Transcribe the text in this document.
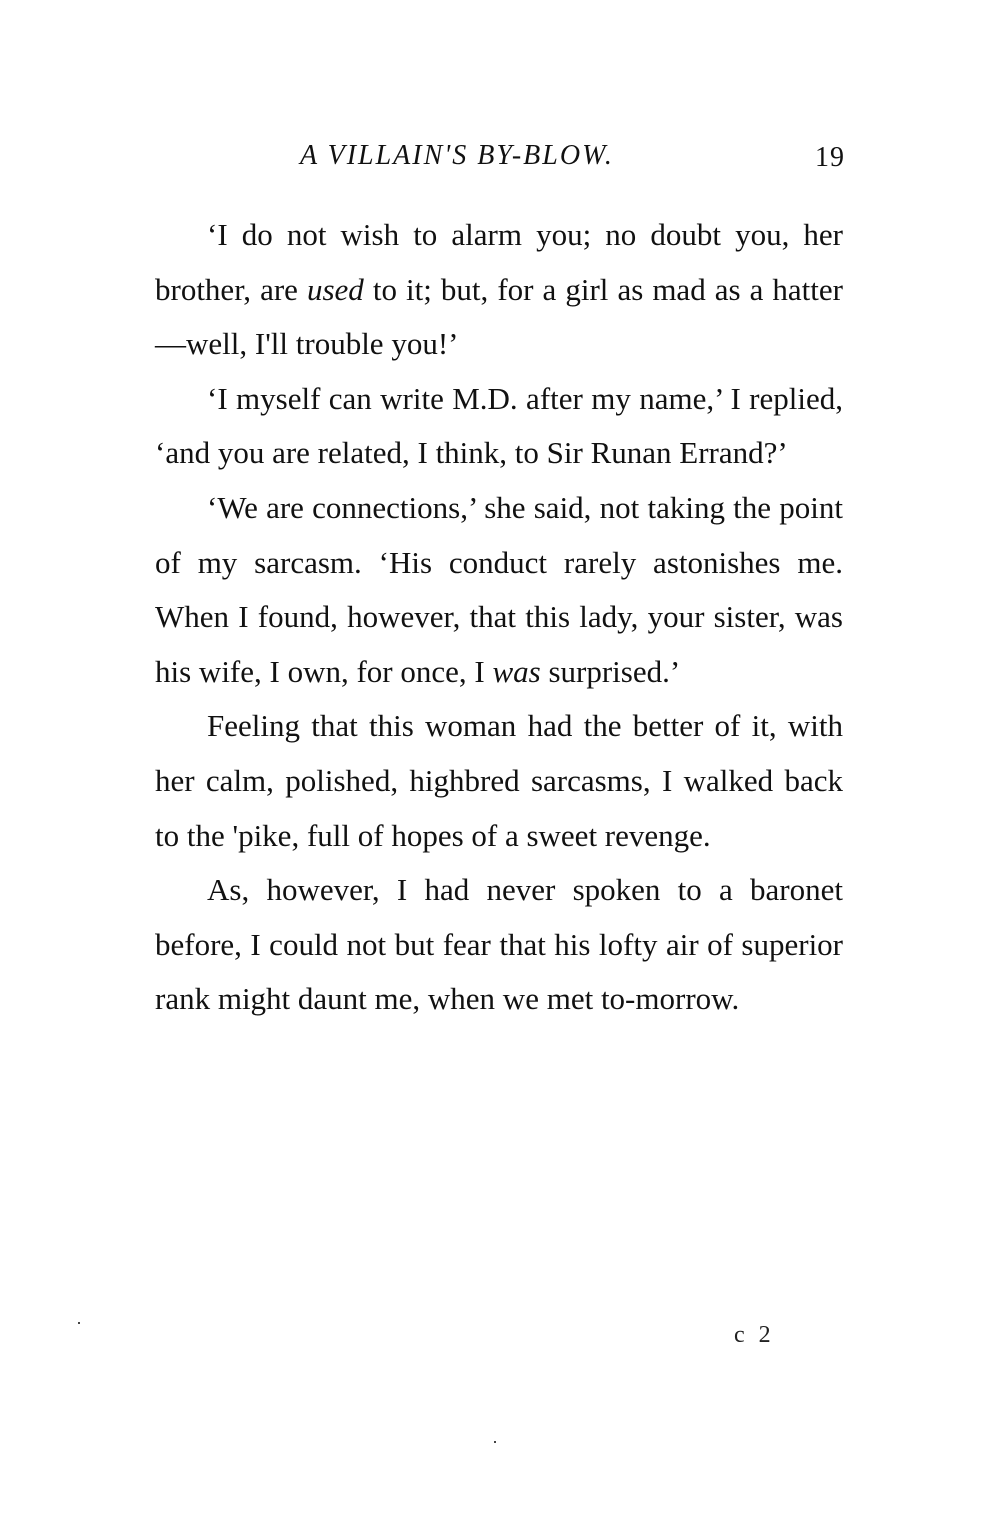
A VILLAIN'S BY-BLOW.	19

‘I do not wish to alarm you; no doubt you, her brother, are used to it; but, for a girl as mad as a hatter—well, I'll trouble you!’

‘I myself can write M.D. after my name,’ I replied, ‘and you are related, I think, to Sir Runan Errand?’

‘We are connections,’ she said, not taking the point of my sarcasm. ‘His conduct rarely astonishes me. When I found, however, that this lady, your sister, was his wife, I own, for once, I was surprised.’

Feeling that this woman had the better of it, with her calm, polished, highbred sarcasms, I walked back to the 'pike, full of hopes of a sweet revenge.

As, however, I had never spoken to a baronet before, I could not but fear that his lofty air of superior rank might daunt me, when we met to-morrow.

c 2
